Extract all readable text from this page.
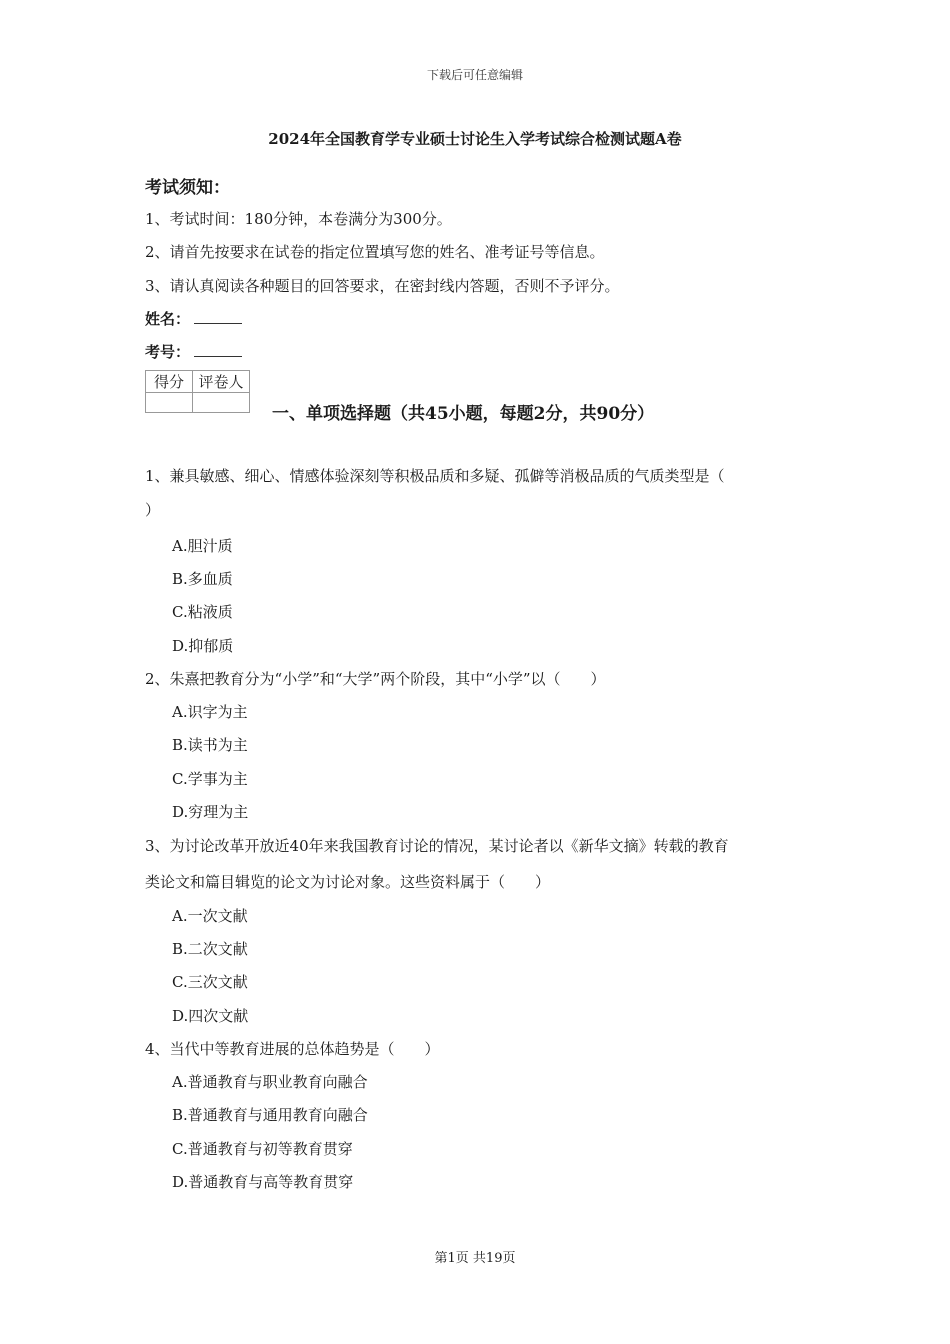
下载后可任意编辑
2024年全国教育学专业硕士讨论生入学考试综合检测试题A卷
考试须知：
1、考试时间：180分钟，本卷满分为300分。
2、请首先按要求在试卷的指定位置填写您的姓名、准考证号等信息。
3、请认真阅读各种题目的回答要求，在密封线内答题，否则不予评分。
姓名：
考号：
得分	评卷人

一、单项选择题（共45小题，每题2分，共90分）
1、兼具敏感、细心、情感体验深刻等积极品质和多疑、孤僻等消极品质的气质类型是（
）
A.胆汁质
B.多血质
C.粘液质
D.抑郁质
2、朱熹把教育分为“小学”和“大学”两个阶段，其中“小学”以（　　）
A.识字为主
B.读书为主
C.学事为主
D.穷理为主
3、为讨论改革开放近40年来我国教育讨论的情况，某讨论者以《新华文摘》转载的教育
类论文和篇目辑览的论文为讨论对象。这些资料属于（　　）
A.一次文献
B.二次文献
C.三次文献
D.四次文献
4、当代中等教育进展的总体趋势是（　　）
A.普通教育与职业教育向融合
B.普通教育与通用教育向融合
C.普通教育与初等教育贯穿
D.普通教育与高等教育贯穿
第1页 共19页
